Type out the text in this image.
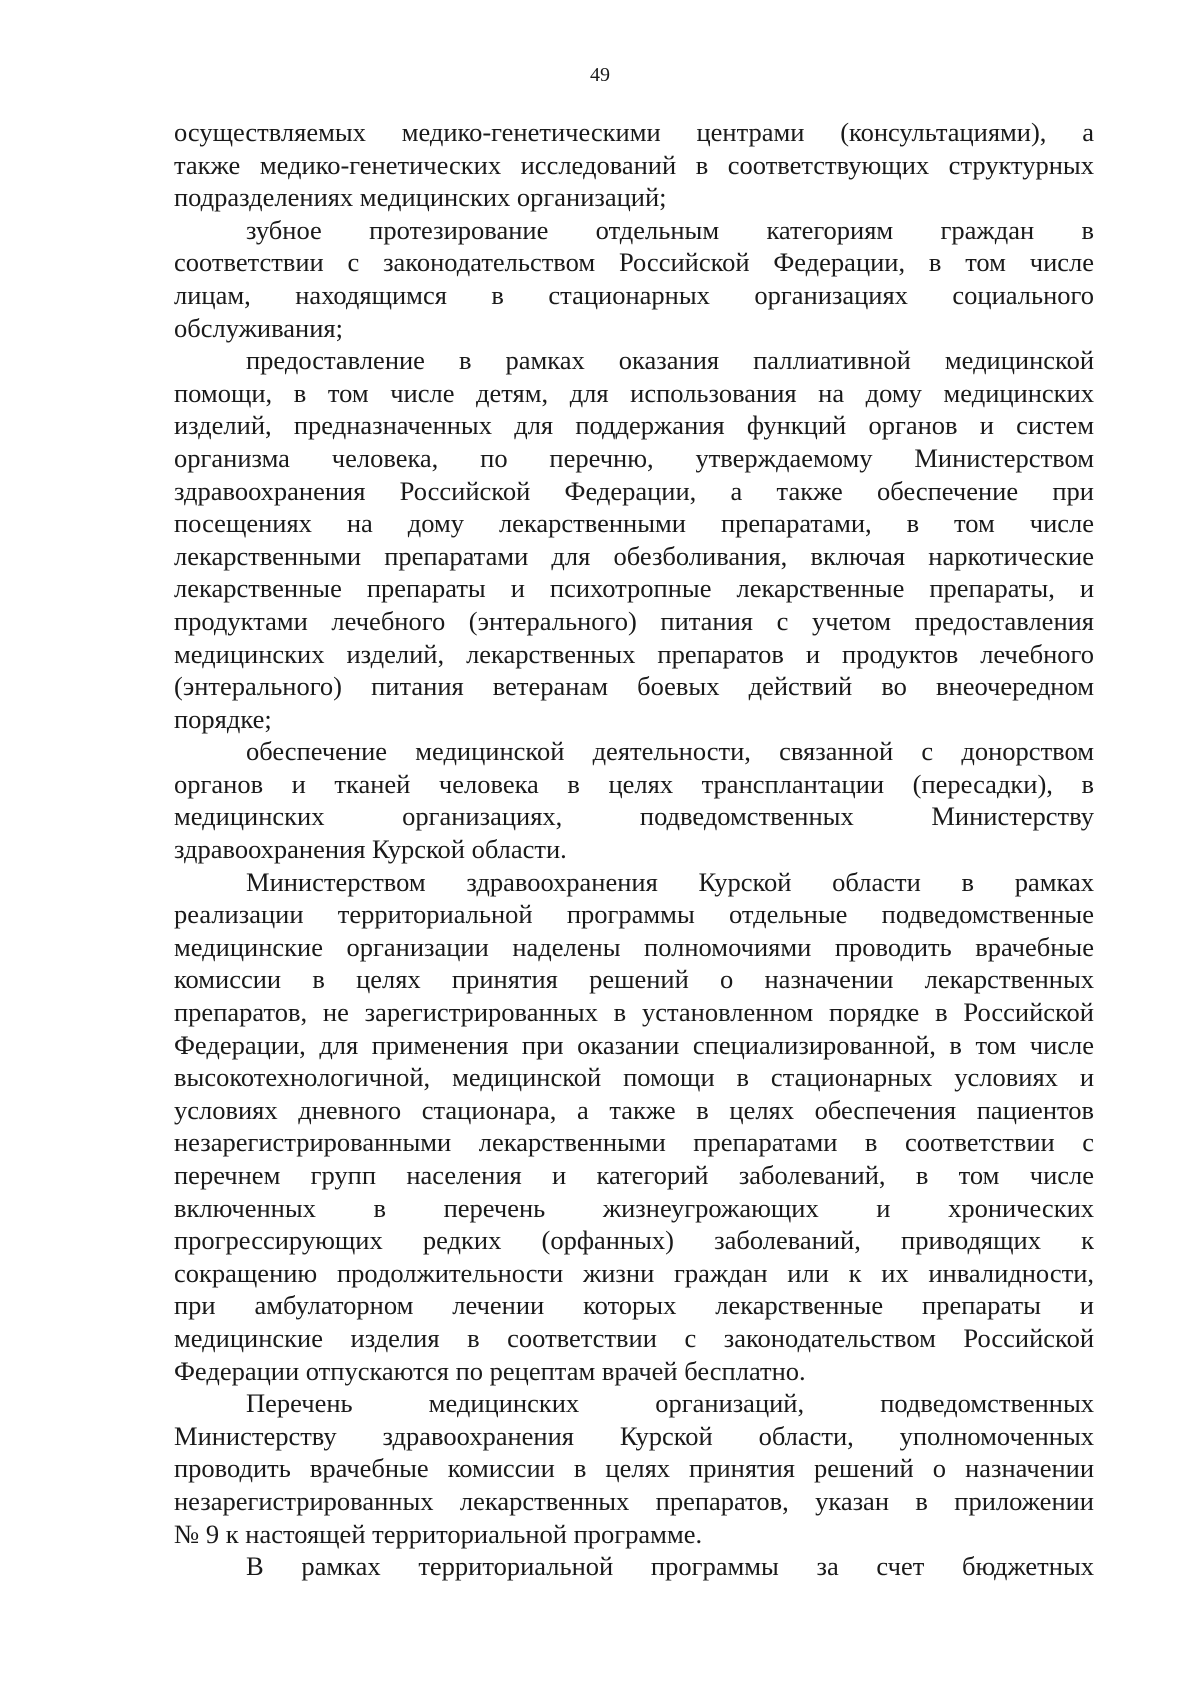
49

осуществляемых медико-генетическими центрами (консультациями), а

также медико-генетических исследований в соответствующих структурных

подразделениях медицинских организаций;

зубное протезирование отдельным категориям граждан в

соответствии с законодательством Российской Федерации, в том числе

лицам, находящимся в стационарных организациях социального

обслуживания;

предоставление в рамках оказания паллиативной медицинской

помощи, в том числе детям, для использования на дому медицинских

изделий, предназначенных для поддержания функций органов и систем

организма человека, по перечню, утверждаемому Министерством

здравоохранения Российской Федерации, а также обеспечение при

посещениях на дому лекарственными препаратами, в том числе

лекарственными препаратами для обезболивания, включая наркотические

лекарственные препараты и психотропные лекарственные препараты, и

продуктами лечебного (энтерального) питания с учетом предоставления

медицинских изделий, лекарственных препаратов и продуктов лечебного

(энтерального) питания ветеранам боевых действий во внеочередном

порядке;

обеспечение медицинской деятельности, связанной с донорством

органов и тканей человека в целях трансплантации (пересадки), в

медицинских организациях, подведомственных Министерству

здравоохранения Курской области.

Министерством здравоохранения Курской области в рамках

реализации территориальной программы отдельные подведомственные

медицинские организации наделены полномочиями проводить врачебные

комиссии в целях принятия решений о назначении лекарственных

препаратов, не зарегистрированных в установленном порядке в Российской

Федерации, для применения при оказании специализированной, в том числе

высокотехнологичной, медицинской помощи в стационарных условиях и

условиях дневного стационара, а также в целях обеспечения пациентов

незарегистрированными лекарственными препаратами в соответствии с

перечнем групп населения и категорий заболеваний, в том числе

включенных в перечень жизнеугрожающих и хронических

прогрессирующих редких (орфанных) заболеваний, приводящих к

сокращению продолжительности жизни граждан или к их инвалидности,

при амбулаторном лечении которых лекарственные препараты и

медицинские изделия в соответствии с законодательством Российской

Федерации отпускаются по рецептам врачей бесплатно.

Перечень медицинских организаций, подведомственных

Министерству здравоохранения Курской области, уполномоченных

проводить врачебные комиссии в целях принятия решений о назначении

незарегистрированных лекарственных препаратов, указан в приложении

№ 9 к настоящей территориальной программе.

В рамках территориальной программы за счет бюджетных
